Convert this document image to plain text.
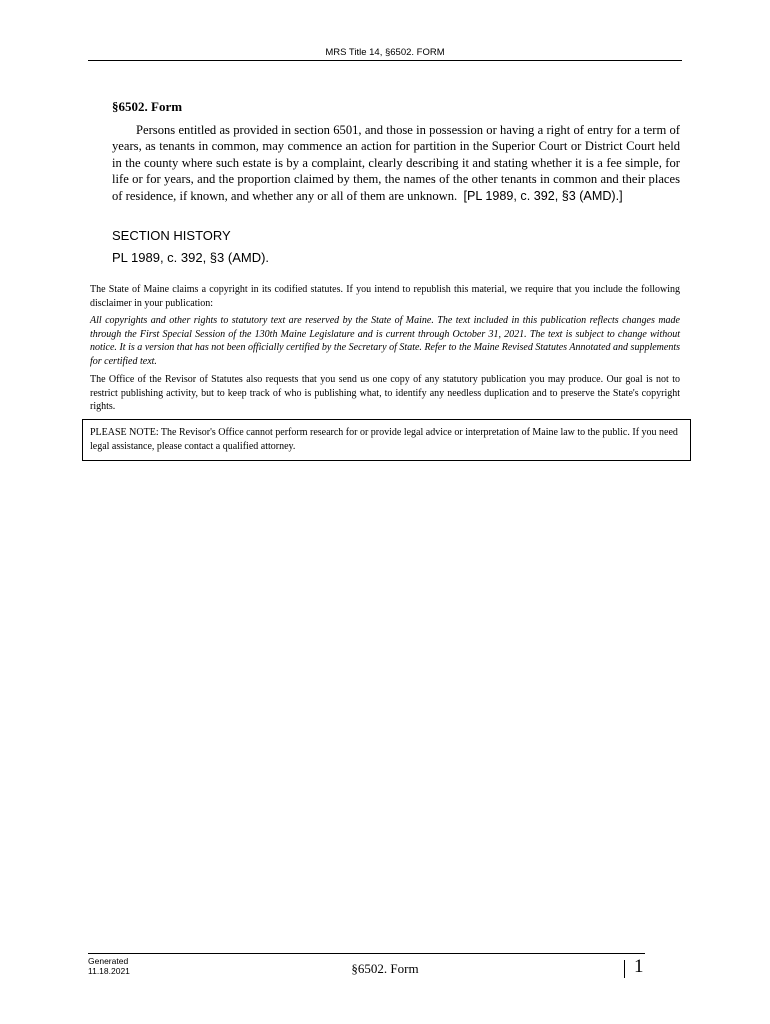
MRS Title 14, §6502. FORM
§6502. Form

Persons entitled as provided in section 6501, and those in possession or having a right of entry for a term of years, as tenants in common, may commence an action for partition in the Superior Court or District Court held in the county where such estate is by a complaint, clearly describing it and stating whether it is a fee simple, for life or for years, and the proportion claimed by them, the names of the other tenants in common and their places of residence, if known, and whether any or all of them are unknown. [PL 1989, c. 392, §3 (AMD).]

SECTION HISTORY
PL 1989, c. 392, §3 (AMD).

The State of Maine claims a copyright in its codified statutes. If you intend to republish this material, we require that you include the following disclaimer in your publication:

All copyrights and other rights to statutory text are reserved by the State of Maine. The text included in this publication reflects changes made through the First Special Session of the 130th Maine Legislature and is current through October 31, 2021. The text is subject to change without notice. It is a version that has not been officially certified by the Secretary of State. Refer to the Maine Revised Statutes Annotated and supplements for certified text.

The Office of the Revisor of Statutes also requests that you send us one copy of any statutory publication you may produce. Our goal is not to restrict publishing activity, but to keep track of who is publishing what, to identify any needless duplication and to preserve the State's copyright rights.

PLEASE NOTE: The Revisor's Office cannot perform research for or provide legal advice or interpretation of Maine law to the public. If you need legal assistance, please contact a qualified attorney.
Generated
11.18.2021	§6502. Form	1
